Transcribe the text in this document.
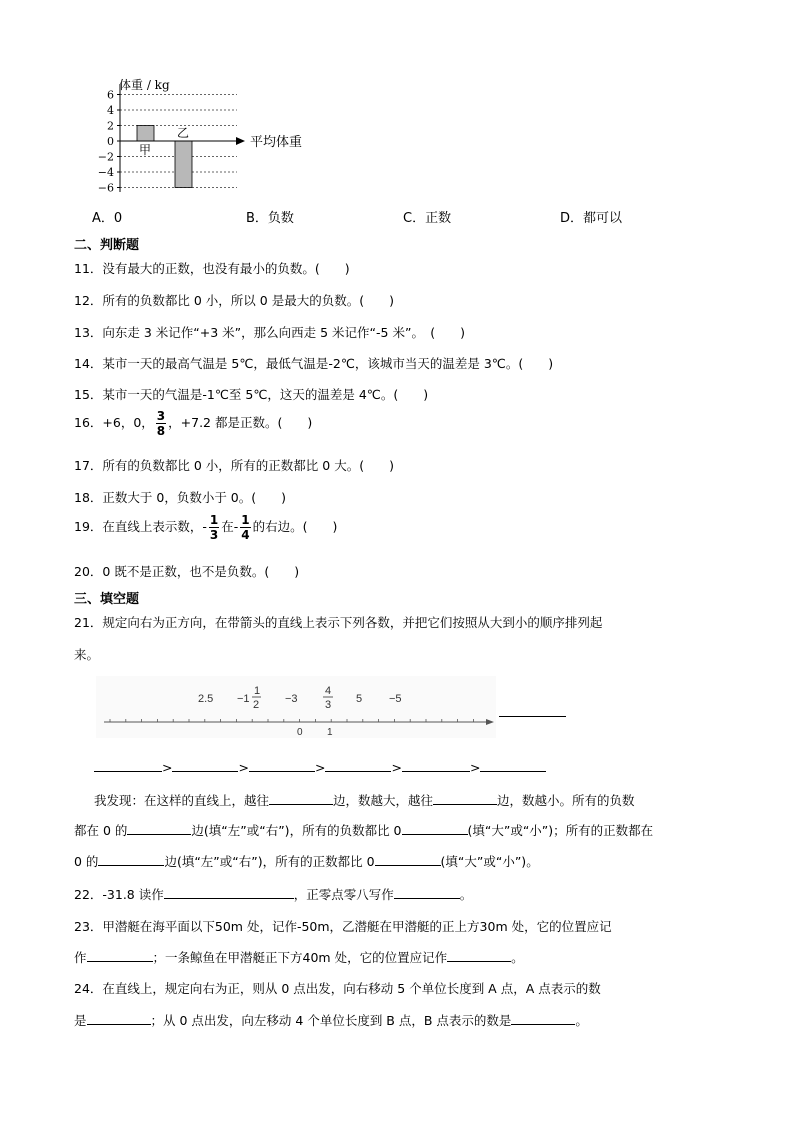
6
4
2
0
−2
−4
−6
甲
乙
体重 / kg
平均体重
A．0	B．负数	C．正数	D．都可以
二、判断题
11．没有最大的正数，也没有最小的负数。(　　)
12．所有的负数都比 0 小，所以 0 是最大的负数。(　　)
13．向东走 3 米记作“+3 米”，那么向西走 5 米记作“-5 米”。　(　　)
14．某市一天的最高气温是 5℃，最低气温是-2℃，该城市当天的温差是 3℃。(　　)
15．某市一天的气温是-1℃至 5℃，这天的温差是 4℃。(　　)
16．+6，0， $\frac{3}{8}$ ，+7.2 都是正数。(　　)
17．所有的负数都比 0 小，所有的正数都比 0 大。(　　)
18．正数大于 0，负数小于 0。(　　)
19．在直线上表示数，- $\frac{1}{3}$ 在- $\frac{1}{4}$ 的右边。(　　)
20．0 既不是正数，也不是负数。(　　)
三、填空题
21．规定向右为正方向，在带箭头的直线上表示下列各数，并把它们按照从大到小的顺序排列起
来。
2.5 −1
1
2 −3
4
3 5 −5
0 1
>	>	>	>	>
我发现：在这样的直线上，越往	边，数越大，越往	边，数越小。所有的负数
都在 0 的	边(填“左”或“右”)，所有的负数都比 0	(填“大”或“小”)；所有的正数都在
0 的	边(填“左”或“右”)，所有的正数都比 0	(填“大”或“小”)。
22．-31.8 读作	，正零点零八写作	。
23．甲潜艇在海平面以下50m 处，记作-50m，乙潜艇在甲潜艇的正上方30m 处，它的位置应记
作	；一条鲸鱼在甲潜艇正下方40m 处，它的位置应记作	。
24．在直线上，规定向右为正，则从 0 点出发，向右移动 5 个单位长度到 A 点，A 点表示的数
是	；从 0 点出发，向左移动 4 个单位长度到 B 点，B 点表示的数是	。
